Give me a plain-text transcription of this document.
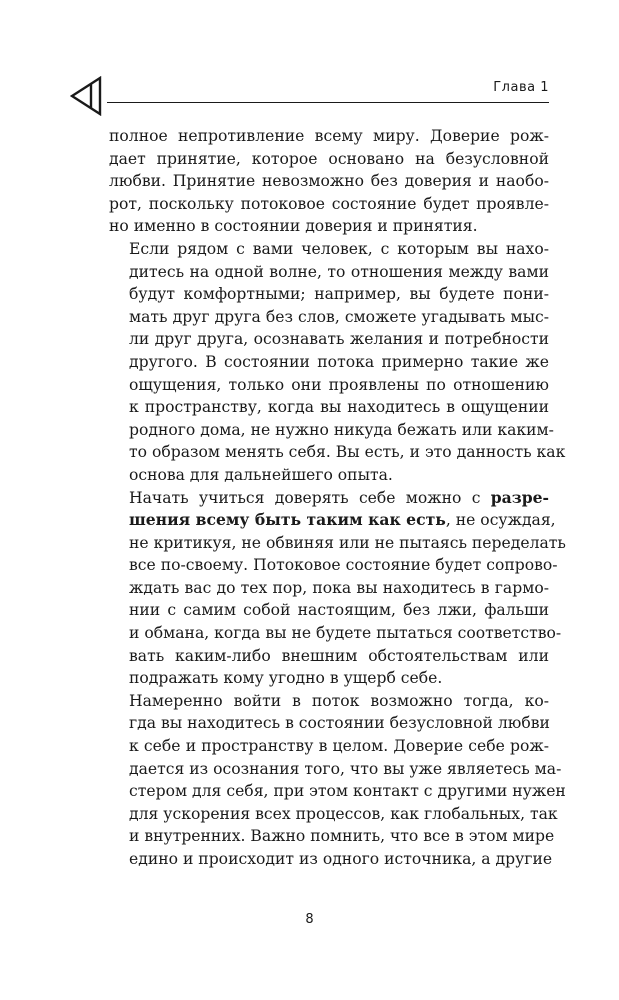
Глава 1

полное непротивление всему миру. Доверие рож-
дает принятие, которое основано на безусловной
любви. Принятие невозможно без доверия и наобо-
рот, поскольку потоковое состояние будет проявле-
но именно в состоянии доверия и принятия.

Если рядом с вами человек, с которым вы нахо-
дитесь на одной волне, то отношения между вами
будут комфортными; например, вы будете пони-
мать друг друга без слов, сможете угадывать мыс-
ли друг друга, осознавать желания и потребности
другого. В состоянии потока примерно такие же
ощущения, только они проявлены по отношению
к пространству, когда вы находитесь в ощущении
родного дома, не нужно никуда бежать или каким-
то образом менять себя. Вы есть, и это данность как
основа для дальнейшего опыта.

Начать учиться доверять себе можно с разре-
шения всему быть таким как есть, не осуждая,
не критикуя, не обвиняя или не пытаясь переделать
все по-своему. Потоковое состояние будет сопрово-
ждать вас до тех пор, пока вы находитесь в гармо-
нии с самим собой настоящим, без лжи, фальши
и обмана, когда вы не будете пытаться соответство-
вать каким-либо внешним обстоятельствам или
подражать кому угодно в ущерб себе.

Намеренно войти в поток возможно тогда, ко-
гда вы находитесь в состоянии безусловной любви
к себе и пространству в целом. Доверие себе рож-
дается из осознания того, что вы уже являетесь ма-
стером для себя, при этом контакт с другими нужен
для ускорения всех процессов, как глобальных, так
и внутренних. Важно помнить, что все в этом мире
едино и происходит из одного источника, а другие

8
